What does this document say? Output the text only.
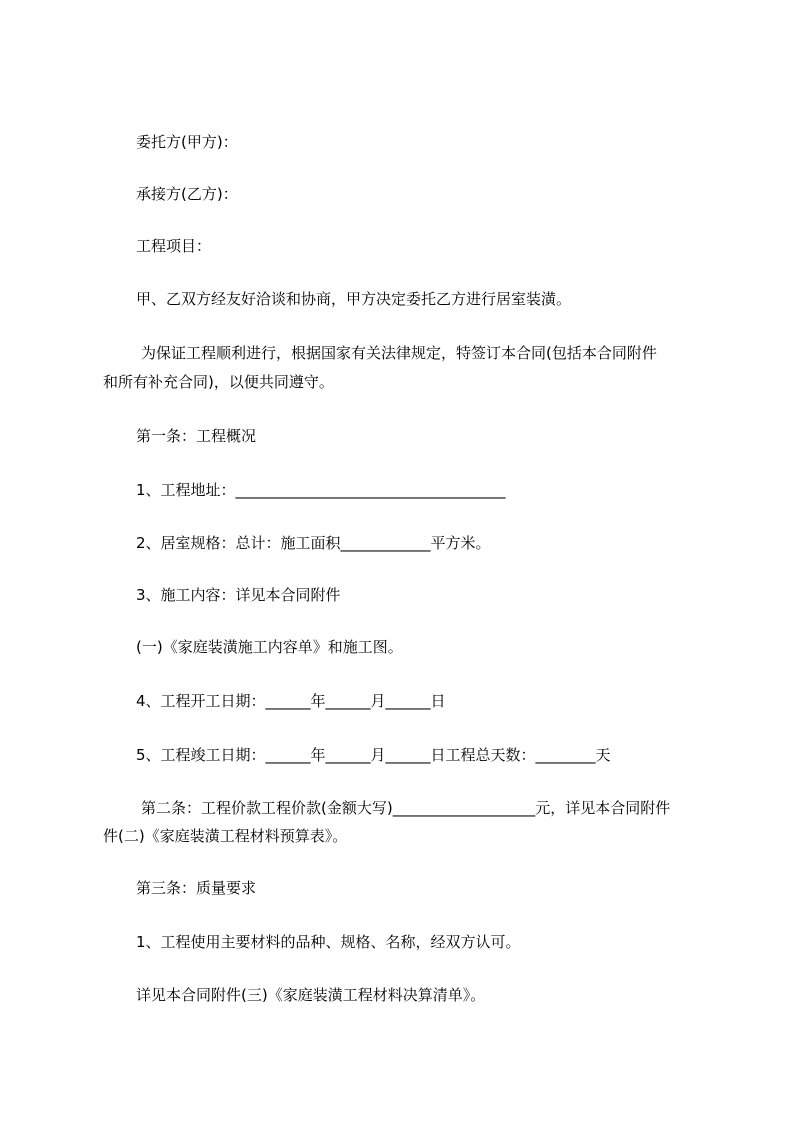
委托方(甲方)：
承接方(乙方)：
工程项目：
甲、乙双方经友好洽谈和协商，甲方决定委托乙方进行居室装潢。
为保证工程顺利进行，根据国家有关法律规定，特签订本合同(包括本合同附件
和所有补充合同)，以便共同遵守。
第一条：工程概况
1、工程地址：____________________________________
2、居室规格：总计：施工面积____________平方米。
3、施工内容：详见本合同附件
(一)《家庭装潢施工内容单》和施工图。
4、工程开工日期：______年______月______日
5、工程竣工日期：______年______月______日工程总天数：________天
第二条：工程价款工程价款(金额大写)___________________元，详见本合同附件
件(二)《家庭装潢工程材料预算表》。
第三条：质量要求
1、工程使用主要材料的品种、规格、名称，经双方认可。
详见本合同附件(三)《家庭装潢工程材料决算清单》。
